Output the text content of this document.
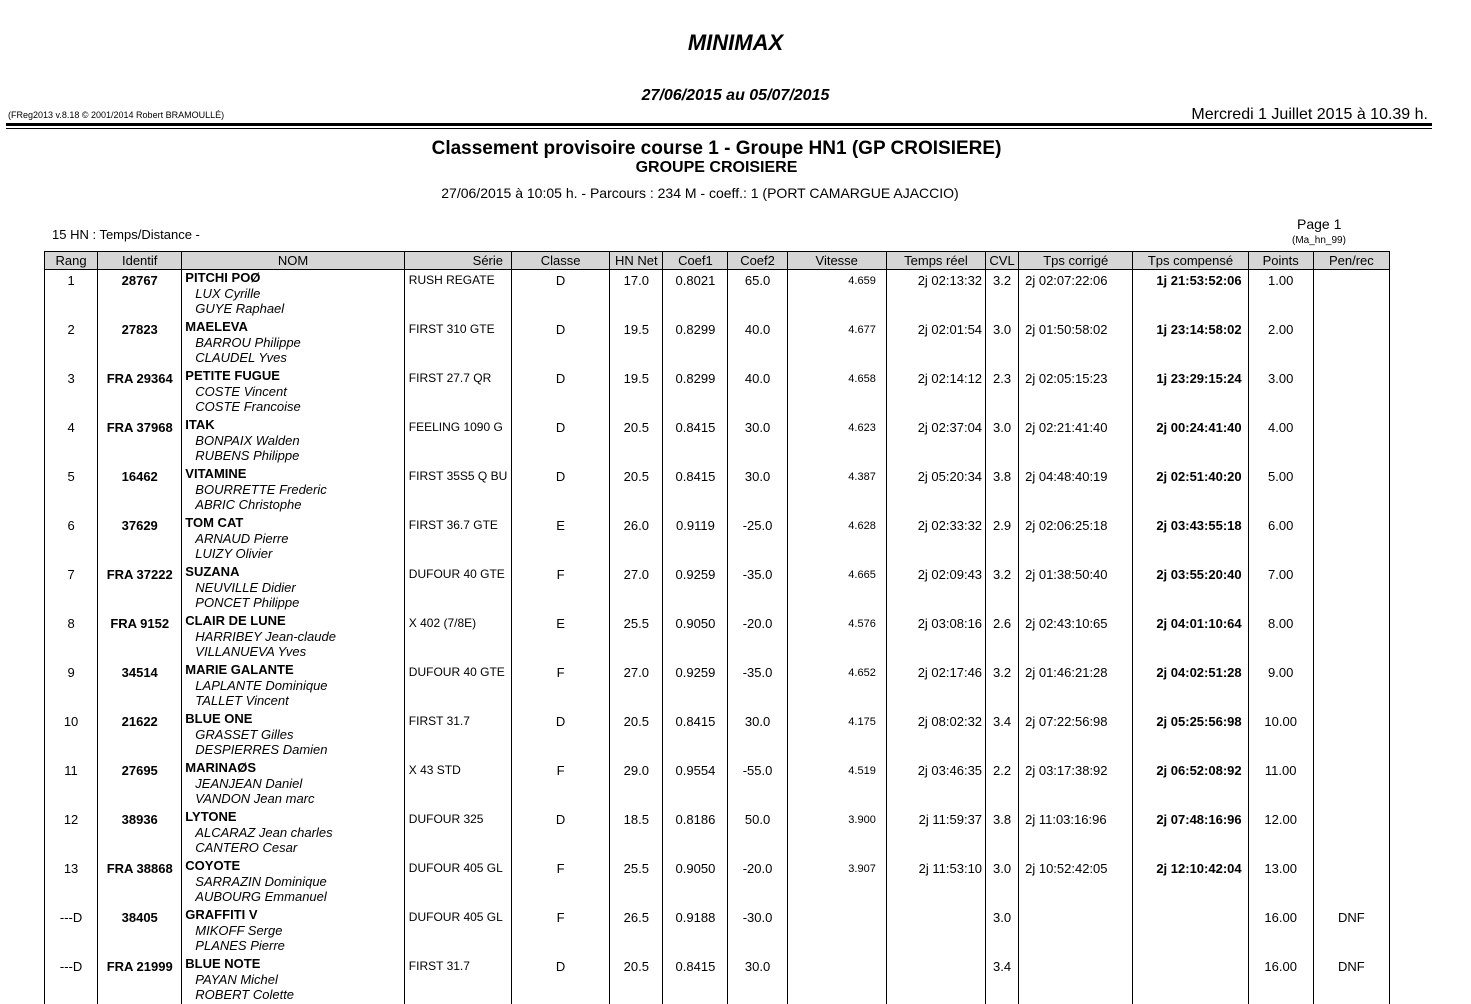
MINIMAX
27/06/2015 au 05/07/2015
(FReg2013 v.8.18 © 2001/2014 Robert BRAMOULLÉ)	Mercredi 1 Juillet 2015 à 10.39 h.
Classement provisoire course 1 - Groupe HN1 (GP CROISIERE)
GROUPE CROISIERE
27/06/2015 à 10:05 h. - Parcours : 234 M - coeff.: 1 (PORT CAMARGUE AJACCIO)
15 HN : Temps/Distance -
Page 1
(Ma_hn_99)
Rang	Identif	NOM	Série	Classe	HN Net	Coef1	Coef2	Vitesse	Temps réel	CVL	Tps corrigé	Tps compensé	Points	Pen/rec
1	28767	PITCHI POØ
LUX Cyrille
GUYE Raphael	RUSH REGATE	D	17.0	0.8021	65.0	4.659	2j 02:13:32	3.2	2j 02:07:22:06	1j 21:53:52:06	1.00	
2	27823	MAELEVA
BARROU Philippe
CLAUDEL Yves	FIRST 310 GTE	D	19.5	0.8299	40.0	4.677	2j 02:01:54	3.0	2j 01:50:58:02	1j 23:14:58:02	2.00	
3	FRA 29364	PETITE FUGUE
COSTE Vincent
COSTE Francoise	FIRST 27.7 QR	D	19.5	0.8299	40.0	4.658	2j 02:14:12	2.3	2j 02:05:15:23	1j 23:29:15:24	3.00	
4	FRA 37968	ITAK
BONPAIX Walden
RUBENS Philippe	FEELING 1090 G	D	20.5	0.8415	30.0	4.623	2j 02:37:04	3.0	2j 02:21:41:40	2j 00:24:41:40	4.00	
5	16462	VITAMINE
BOURRETTE Frederic
ABRIC Christophe	FIRST 35S5 Q BU	D	20.5	0.8415	30.0	4.387	2j 05:20:34	3.8	2j 04:48:40:19	2j 02:51:40:20	5.00	
6	37629	TOM CAT
ARNAUD Pierre
LUIZY Olivier	FIRST 36.7 GTE	E	26.0	0.9119	-25.0	4.628	2j 02:33:32	2.9	2j 02:06:25:18	2j 03:43:55:18	6.00	
7	FRA 37222	SUZANA
NEUVILLE Didier
PONCET Philippe	DUFOUR 40 GTE	F	27.0	0.9259	-35.0	4.665	2j 02:09:43	3.2	2j 01:38:50:40	2j 03:55:20:40	7.00	
8	FRA 9152	CLAIR DE LUNE
HARRIBEY Jean-claude
VILLANUEVA Yves	X 402 (7/8E)	E	25.5	0.9050	-20.0	4.576	2j 03:08:16	2.6	2j 02:43:10:65	2j 04:01:10:64	8.00	
9	34514	MARIE GALANTE
LAPLANTE Dominique
TALLET Vincent	DUFOUR 40 GTE	F	27.0	0.9259	-35.0	4.652	2j 02:17:46	3.2	2j 01:46:21:28	2j 04:02:51:28	9.00	
10	21622	BLUE ONE
GRASSET Gilles
DESPIERRES Damien	FIRST 31.7	D	20.5	0.8415	30.0	4.175	2j 08:02:32	3.4	2j 07:22:56:98	2j 05:25:56:98	10.00	
11	27695	MARINAØS
JEANJEAN Daniel
VANDON Jean marc	X 43 STD	F	29.0	0.9554	-55.0	4.519	2j 03:46:35	2.2	2j 03:17:38:92	2j 06:52:08:92	11.00	
12	38936	LYTONE
ALCARAZ Jean charles
CANTERO Cesar	DUFOUR 325	D	18.5	0.8186	50.0	3.900	2j 11:59:37	3.8	2j 11:03:16:96	2j 07:48:16:96	12.00	
13	FRA 38868	COYOTE
SARRAZIN Dominique
AUBOURG Emmanuel	DUFOUR 405 GL	F	25.5	0.9050	-20.0	3.907	2j 11:53:10	3.0	2j 10:52:42:05	2j 12:10:42:04	13.00	
---D	38405	GRAFFITI V
MIKOFF Serge
PLANES Pierre	DUFOUR 405 GL	F	26.5	0.9188	-30.0			3.0			16.00	DNF
---D	FRA 21999	BLUE NOTE
PAYAN Michel
ROBERT Colette	FIRST 31.7	D	20.5	0.8415	30.0			3.4			16.00	DNF
